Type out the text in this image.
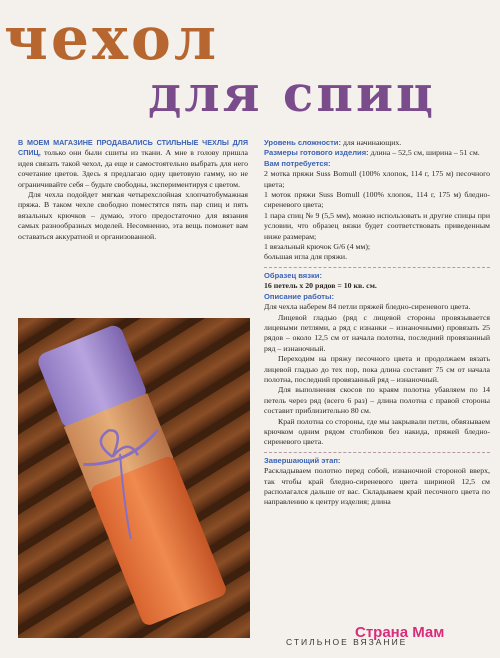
чехол
для спиц

В МОЕМ МАГАЗИНЕ ПРОДАВАЛИСЬ СТИЛЬНЫЕ ЧЕХЛЫ ДЛЯ СПИЦ, только они были сшиты из ткани. А мне в голову пришла идея связать такой чехол, да еще и самостоятельно выбрать для него сочетание цветов. Здесь я предлагаю одну цветовую гамму, но не ограничивайте себя – будьте свободны, экспериментируя с цветом.

Для чехла подойдет мягкая четырехслойная хлопчатобумажная пряжа. В таком чехле свободно поместятся пять пар спиц и пять вязальных крючков – думаю, этого предостаточно для вязания самых разнообразных моделей. Несомненно, эта вещь поможет вам оставаться аккуратной и организованной.

Уровень сложности: для начинающих.

Размеры готового изделия: длина – 52,5 см, ширина – 51 см.

Вам потребуется:

2 мотка пряжи Suss Bomull (100% хлопок, 114 г, 175 м) песочного цвета;

1 моток пряжи Suss Bomull (100% хлопок, 114 г, 175 м) бледно-сиреневого цвета;

1 пара спиц № 9 (5,5 мм), можно использовать и другие спицы при условии, что образец вязки будет соответствовать приведенным ниже размерам;

1 вязальный крючок G/6 (4 мм);

большая игла для пряжи.

Образец вязки:

16 петель х 20 рядов = 10 кв. см.

Описание работы:

Для чехла наберем 84 петли пряжей бледно-сиреневого цвета.

Лицевой гладью (ряд с лицевой стороны провязывается лицевыми петлями, а ряд с изнанки – изнаночными) провязать 25 рядов – около 12,5 см от начала полотна, последний провязанный ряд – изнаночный.

Переходим на пряжу песочного цвета и продолжаем вязать лицевой гладью до тех пор, пока длина составит 75 см от начала полотна, последний провязанный ряд – изнаночный.

Для выполнения скосов по краям полотна убавляем по 14 петель через ряд (всего 6 раз) – длина полотна с правой стороны составит приблизительно 80 см.

Край полотна со стороны, где мы закрывали петли, обвязываем крючком одним рядом столбиков без накида, пряжей бледно-сиреневого цвета.

Завершающий этап:

Раскладываем полотно перед собой, изнаночной стороной вверх, так чтобы край бледно-сиреневого цвета шириной 12,5 см располагался дальше от вас. Складываем край песочного цвета по направлению к центру изделия; длина

СТИЛЬНОЕ ВЯЗАНИЕ
Страна Мам
